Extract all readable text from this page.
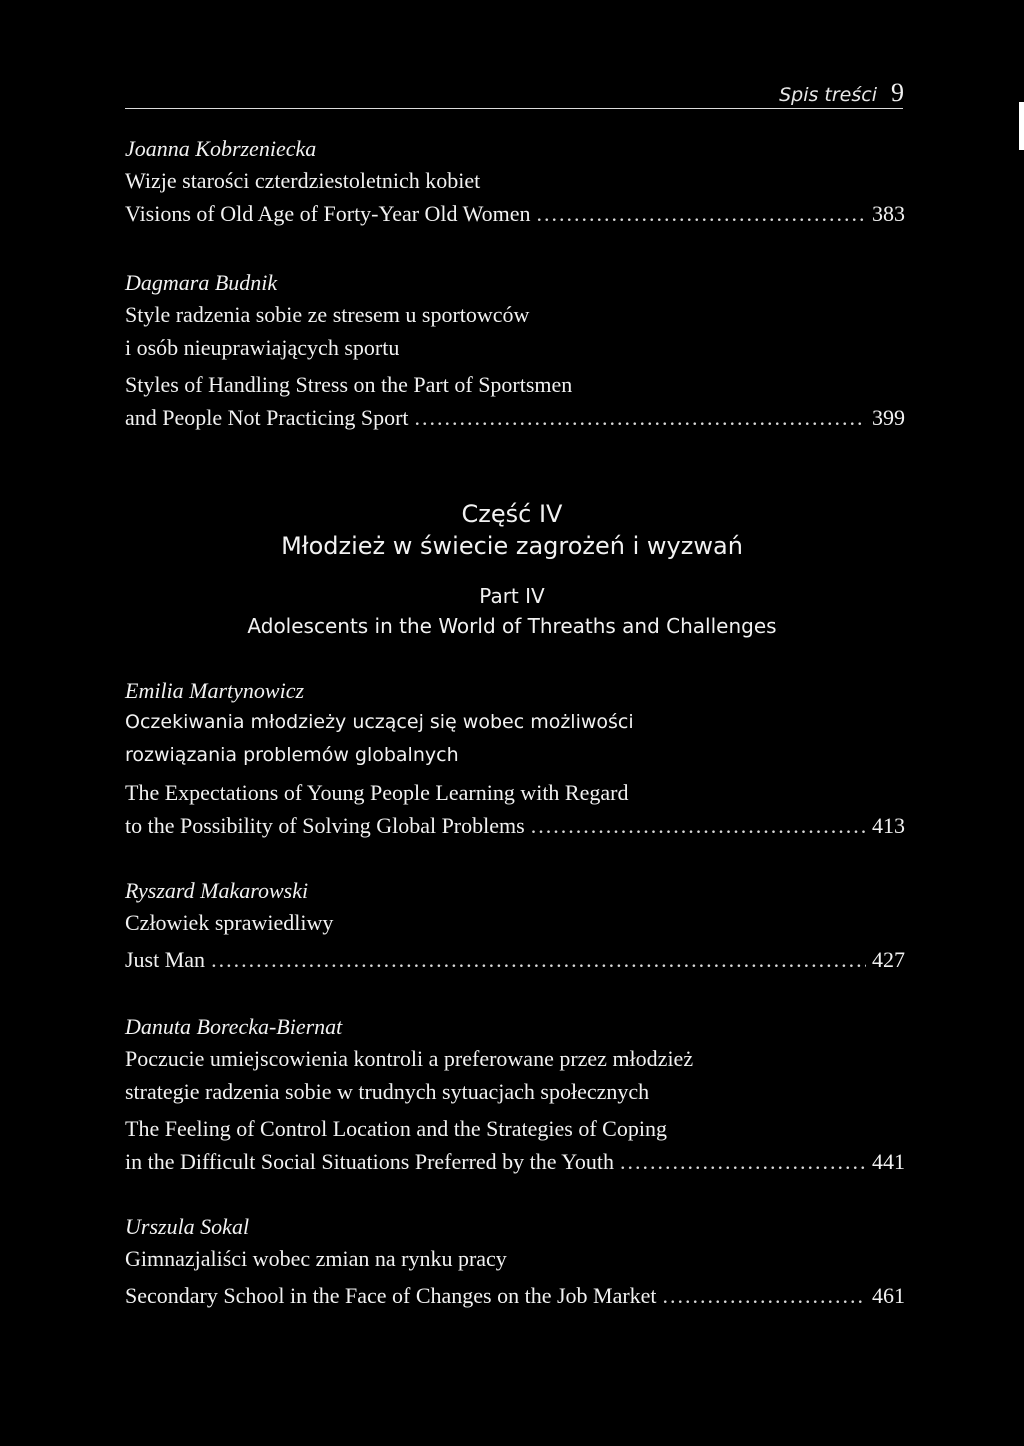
Spis treści 9
Joanna Kobrzeniecka
Wizje starości czterdziestoletnich kobiet
Visions of Old Age of Forty-Year Old Women .....	383
Dagmara Budnik
Style radzenia sobie ze stresem u sportowców
i osób nieuprawiających sportu
Styles of Handling Stress on the Part of Sportsmen
and People Not Practicing Sport .....	399
Część IV
Młodzież w świecie zagrożeń i wyzwań
Part IV
Adolescents in the World of Threaths and Challenges
Emilia Martynowicz
Oczekiwania młodzieży uczącej się wobec możliwości
rozwiązania problemów globalnych
The Expectations of Young People Learning with Regard
to the Possibility of Solving Global Problems .....	413
Ryszard Makarowski
Człowiek sprawiedliwy
Just Man .....	427
Danuta Borecka-Biernat
Poczucie umiejscowienia kontroli a preferowane przez młodzież
strategie radzenia sobie w trudnych sytuacjach społecznych
The Feeling of Control Location and the Strategies of Coping
in the Difficult Social Situations Preferred by the Youth .....	441
Urszula Sokal
Gimnazjaliści wobec zmian na rynku pracy
Secondary School in the Face of Changes on the Job Market .....	461
